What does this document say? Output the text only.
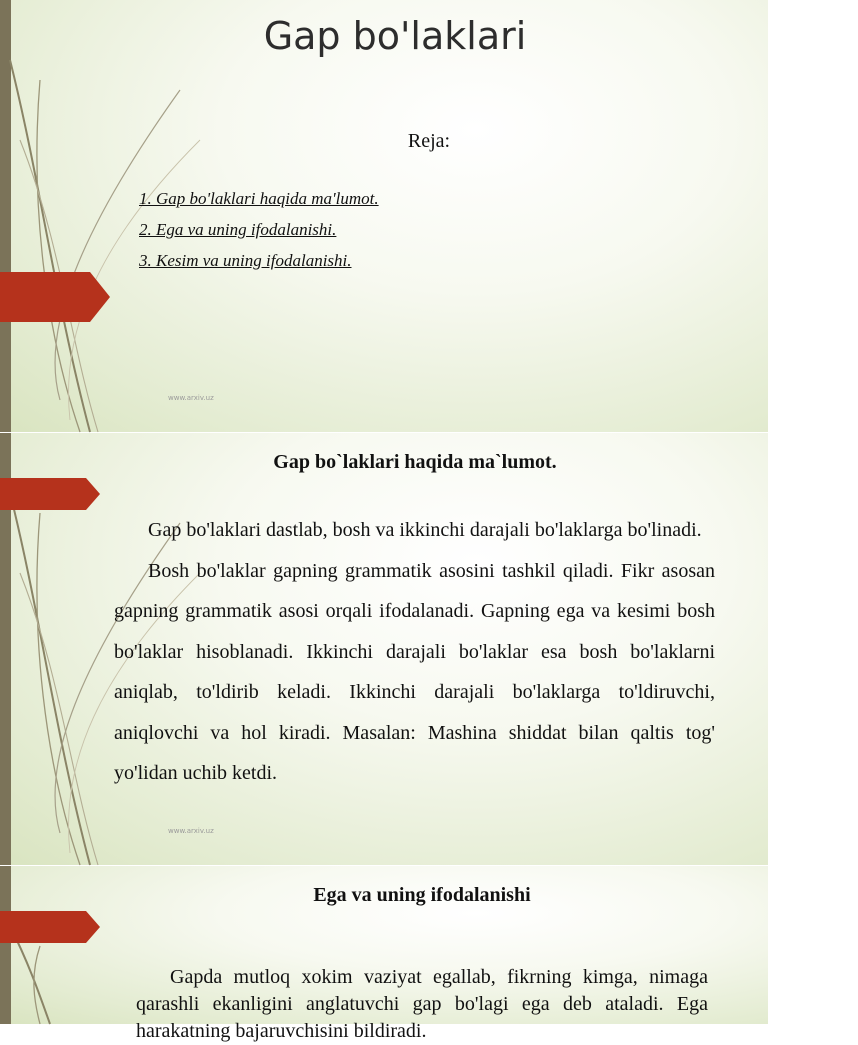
Gap bo'laklari
Reja:
1. Gap bo'laklari haqida ma'lumot.
2. Ega va uning ifodalanishi.
3. Kesim va uning ifodalanishi.
www.arxiv.uz
Gap bo`laklari haqida ma`lumot.

Gap bo'laklari dastlab, bosh va ikkinchi darajali bo'laklarga bo'linadi.

Bosh bo'laklar gapning grammatik asosini tashkil qiladi. Fikr asosan gapning grammatik asosi orqali ifodalanadi. Gapning ega va kesimi bosh bo'laklar hisoblanadi. Ikkinchi darajali bo'laklar esa bosh bo'laklarni aniqlab, to'ldirib keladi. Ikkinchi darajali bo'laklarga to'ldiruvchi, aniqlovchi va hol kiradi. Masalan: Mashina shiddat bilan qaltis tog' yo'lidan uchib ketdi.

www.arxiv.uz
Ega va uning ifodalanishi

Gapda mutloq xokim vaziyat egallab, fikrning kimga, nimaga qarashli ekanligini anglatuvchi gap bo'lagi ega deb ataladi. Ega harakatning bajaruvchisini bildiradi.
